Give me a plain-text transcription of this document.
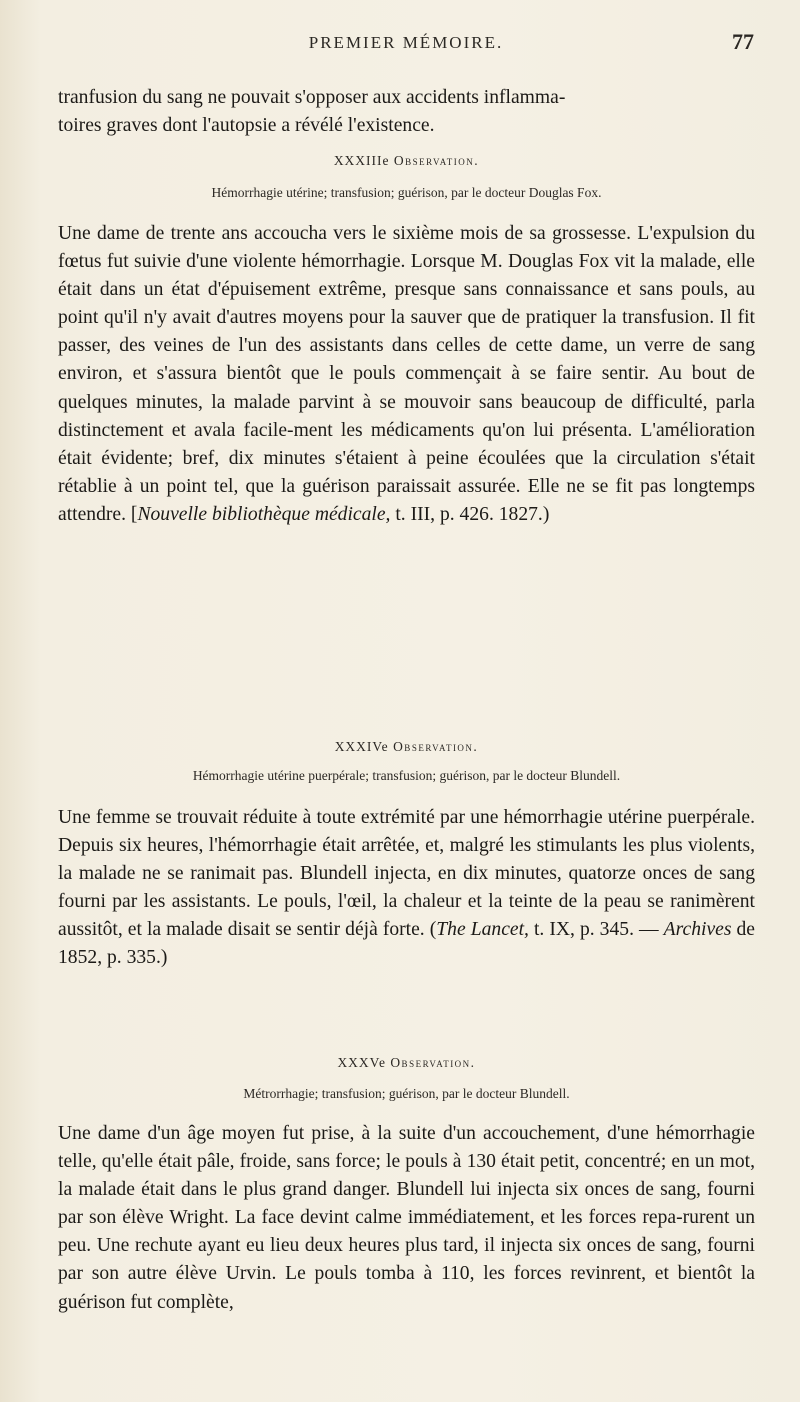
PREMIER MÉMOIRE.	77
tranfusion du sang ne pouvait s'opposer aux accidents inflamma-
toires graves dont l'autopsie a révélé l'existence.
XXXIIIe Observation.
Hémorrhagie utérine; transfusion; guérison, par le docteur Douglas Fox.
Une dame de trente ans accoucha vers le sixième mois de sa grossesse. L'expulsion du fœtus fut suivie d'une violente hémorrhagie. Lorsque M. Douglas Fox vit la malade, elle était dans un état d'épuisement extrême, presque sans connaissance et sans pouls, au point qu'il n'y avait d'autres moyens pour la sauver que de pratiquer la transfusion. Il fit passer, des veines de l'un des assistants dans celles de cette dame, un verre de sang environ, et s'assura bientôt que le pouls commençait à se faire sentir. Au bout de quelques minutes, la malade parvint à se mouvoir sans beaucoup de difficulté, parla distinctement et avala facile-ment les médicaments qu'on lui présenta. L'amélioration était évidente; bref, dix minutes s'étaient à peine écoulées que la circulation s'était rétablie à un point tel, que la guérison paraissait assurée. Elle ne se fit pas longtemps attendre. [Nouvelle bibliothèque médicale, t. III, p. 426. 1827.)
XXXIVe Observation.
Hémorrhagie utérine puerpérale; transfusion; guérison, par le docteur Blundell.
Une femme se trouvait réduite à toute extrémité par une hémorrhagie utérine puerpérale. Depuis six heures, l'hémorrhagie était arrêtée, et, malgré les stimulants les plus violents, la malade ne se ranimait pas. Blundell injecta, en dix minutes, quatorze onces de sang fourni par les assistants. Le pouls, l'œil, la chaleur et la teinte de la peau se ranimèrent aussitôt, et la malade disait se sentir déjà forte. (The Lancet, t. IX, p. 345. — Archives de 1852, p. 335.)
XXXVe Observation.
Métrorrhagie; transfusion; guérison, par le docteur Blundell.
Une dame d'un âge moyen fut prise, à la suite d'un accouchement, d'une hémorrhagie telle, qu'elle était pâle, froide, sans force; le pouls à 130 était petit, concentré; en un mot, la malade était dans le plus grand danger. Blundell lui injecta six onces de sang, fourni par son élève Wright. La face devint calme immédiatement, et les forces repa-rurent un peu. Une rechute ayant eu lieu deux heures plus tard, il injecta six onces de sang, fourni par son autre élève Urvin. Le pouls tomba à 110, les forces revinrent, et bientôt la guérison fut complète,
